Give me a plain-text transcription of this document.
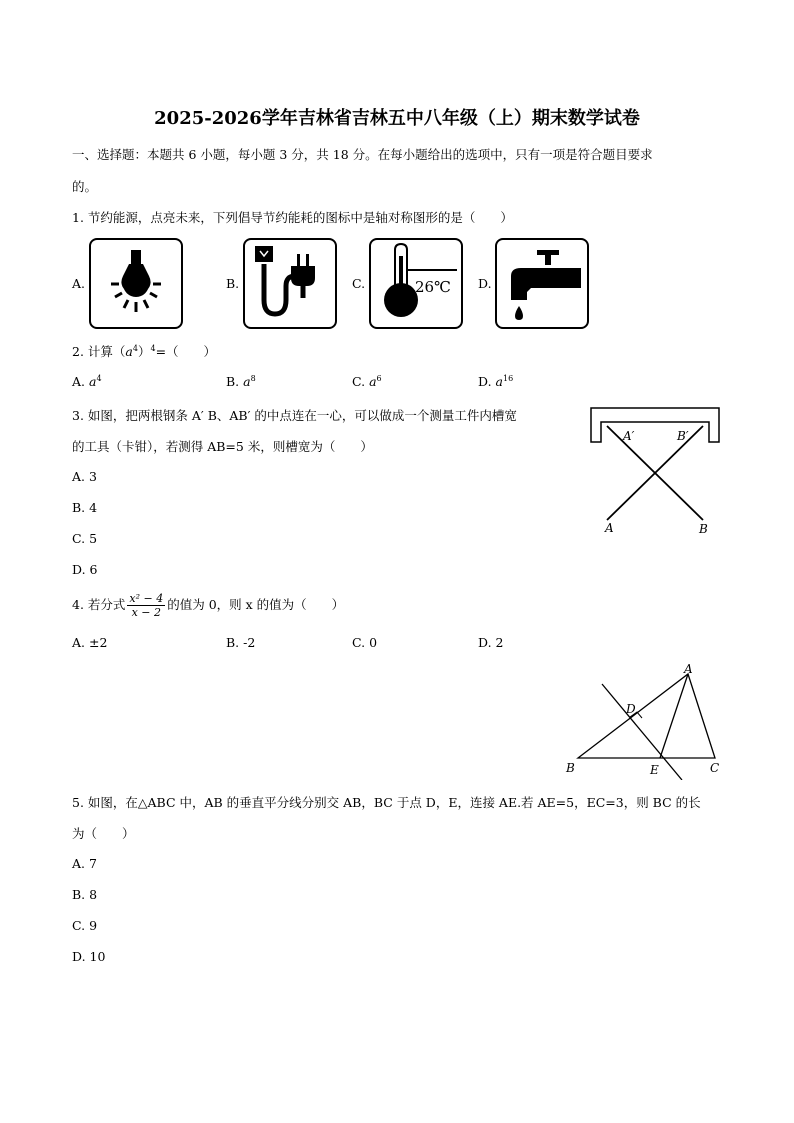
2025-2026学年吉林省吉林五中八年级（上）期末数学试卷
一、选择题：本题共 6 小题，每小题 3 分，共 18 分。在每小题给出的选项中，只有一项是符合题目要求
的。
1. 节约能源，点亮未来，下列倡导节约能耗的图标中是轴对称图形的是（　　）
A.	B.	C.	26℃ D.
2. 计算$(a^4)^4=$（　　）
A. $a^4$	B. $a^8$	C. $a^6$	D. $a^{16}$
3. 如图，把两根钢条 A′ B、AB′ 的中点连在一心，可以做成一个测量工件内槽宽
的工具（卡钳），若测得 AB=5 米，则槽宽为（　　）
A. 3
B. 4
C. 5
D. 6
A′	B′
A	B
4. 若分式 $\frac{\text{x² − 4}}{x - 2}$ 的值为 0，则 x 的值为（　　）
A. ±2	B. -2	C. 0	D. 2
A
B	C
D
E
5. 如图，在△ABC 中，AB 的垂直平分线分别交 AB，BC 于点 D，E，连接 AE.若 AE=5，EC=3，则 BC 的长
为（　　）
A. 7
B. 8
C. 9
D. 10
